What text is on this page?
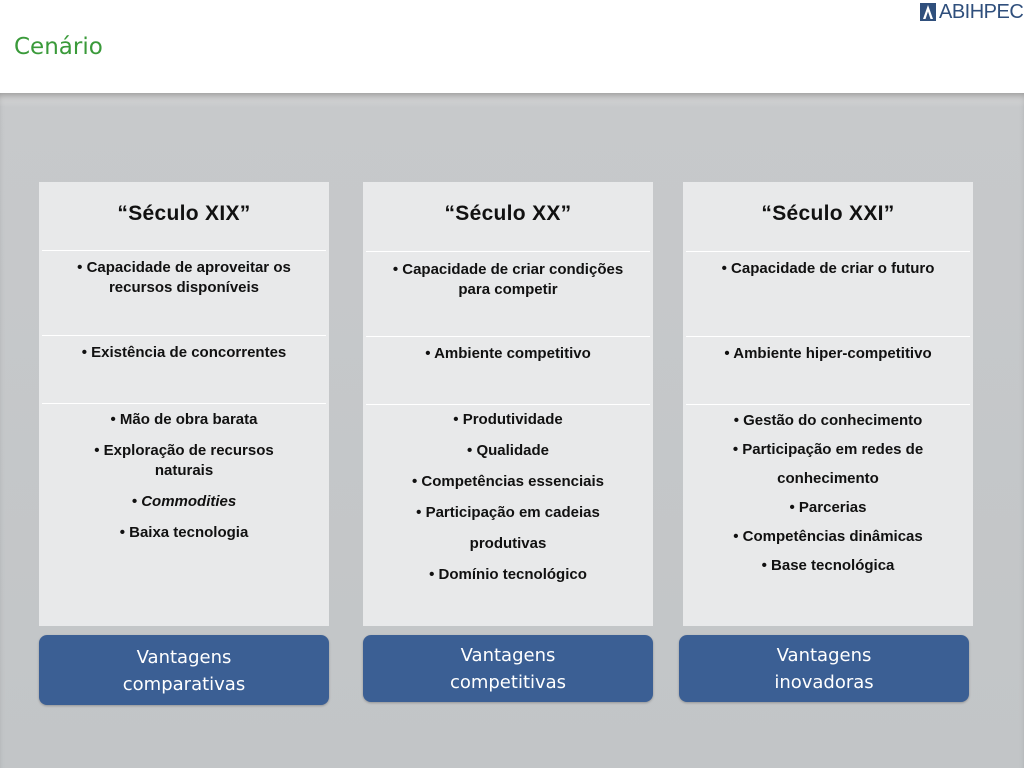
Cenário
ABIHPEC
“Século XIX”

• Capacidade de aproveitar os recursos disponíveis

• Existência de concorrentes

• Mão de obra barata

• Exploração de recursos naturais

• Commodities

• Baixa tecnologia

Vantagens
comparativas
“Século XX”

• Capacidade de criar condições para competir

• Ambiente competitivo

• Produtividade

• Qualidade

• Competências essenciais

• Participação em cadeias produtivas

• Domínio tecnológico

Vantagens
competitivas
“Século XXI”

• Capacidade de criar o futuro

• Ambiente hiper-competitivo

• Gestão do conhecimento

• Participação em redes de conhecimento

• Parcerias

• Competências dinâmicas

• Base tecnológica

Vantagens
inovadoras
